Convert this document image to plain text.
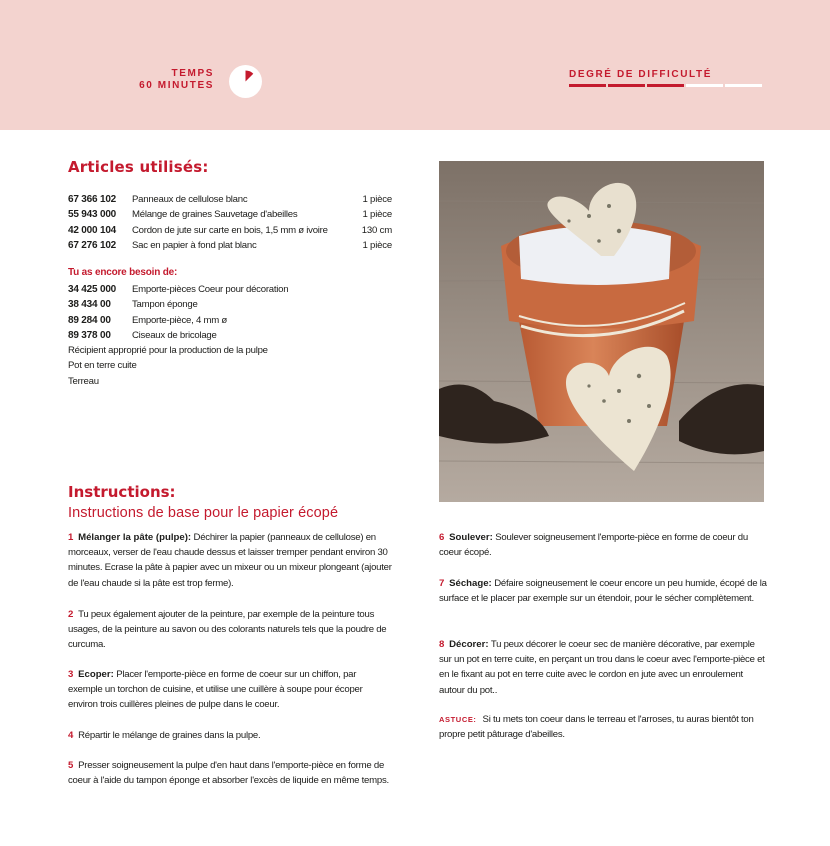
TEMPS
60 MINUTES
DEGRÉ DE DIFFICULTÉ
Articles utilisés:
67 366 102	Panneaux de cellulose blanc	1 pièce
55 943 000	Mélange de graines Sauvetage d'abeilles	1 pièce
42 000 104	Cordon de jute sur carte en bois, 1,5 mm ø ivoire	130 cm
67 276 102	Sac en papier à fond plat blanc	1 pièce
Tu as encore besoin de:
34 425 000	Emporte-pièces Coeur pour décoration
38 434 00	Tampon éponge
89 284 00	Emporte-pièce, 4 mm ø
89 378 00	Ciseaux de bricolage
Récipient approprié pour la production de la pulpe
Pot en terre cuite
Terreau
Instructions:
Instructions de base pour le papier écopé
1 Mélanger la pâte (pulpe): Déchirer la papier (panneaux de cellulose) en morceaux, verser de l'eau chaude dessus et laisser tremper pendant environ 30 minutes. Ecrase la pâte à papier avec un mixeur ou un mixeur plongeant (ajouter de l'eau chaude si la pâte est trop ferme).
2 Tu peux également ajouter de la peinture, par exemple de la peinture tous usages, de la peinture au savon ou des colorants naturels tels que la poudre de curcuma.
3 Ecoper: Placer l'emporte-pièce en forme de coeur sur un chiffon, par exemple un torchon de cuisine, et utilise une cuillère à soupe pour écoper environ trois cuillères pleines de pulpe dans le coeur.
4 Répartir le mélange de graines dans la pulpe.
5 Presser soigneusement la pulpe d'en haut dans l'emporte-pièce en forme de coeur à l'aide du tampon éponge et absorber l'excès de liquide en même temps.
6 Soulever: Soulever soigneusement l'emporte-pièce en forme de coeur du coeur écopé.
7 Séchage: Défaire soigneusement le coeur encore un peu humide, écopé de la surface et le placer par exemple sur un étendoir, pour le sécher complètement.
8 Décorer: Tu peux décorer le coeur sec de manière décorative, par exemple sur un pot en terre cuite, en perçant un trou dans le coeur avec l'emporte-pièce et en le fixant au pot en terre cuite avec le cordon en jute avec un enroulement autour du pot..
ASTUCE: Si tu mets ton coeur dans le terreau et l'arroses, tu auras bientôt ton propre petit pâturage d'abeilles.
